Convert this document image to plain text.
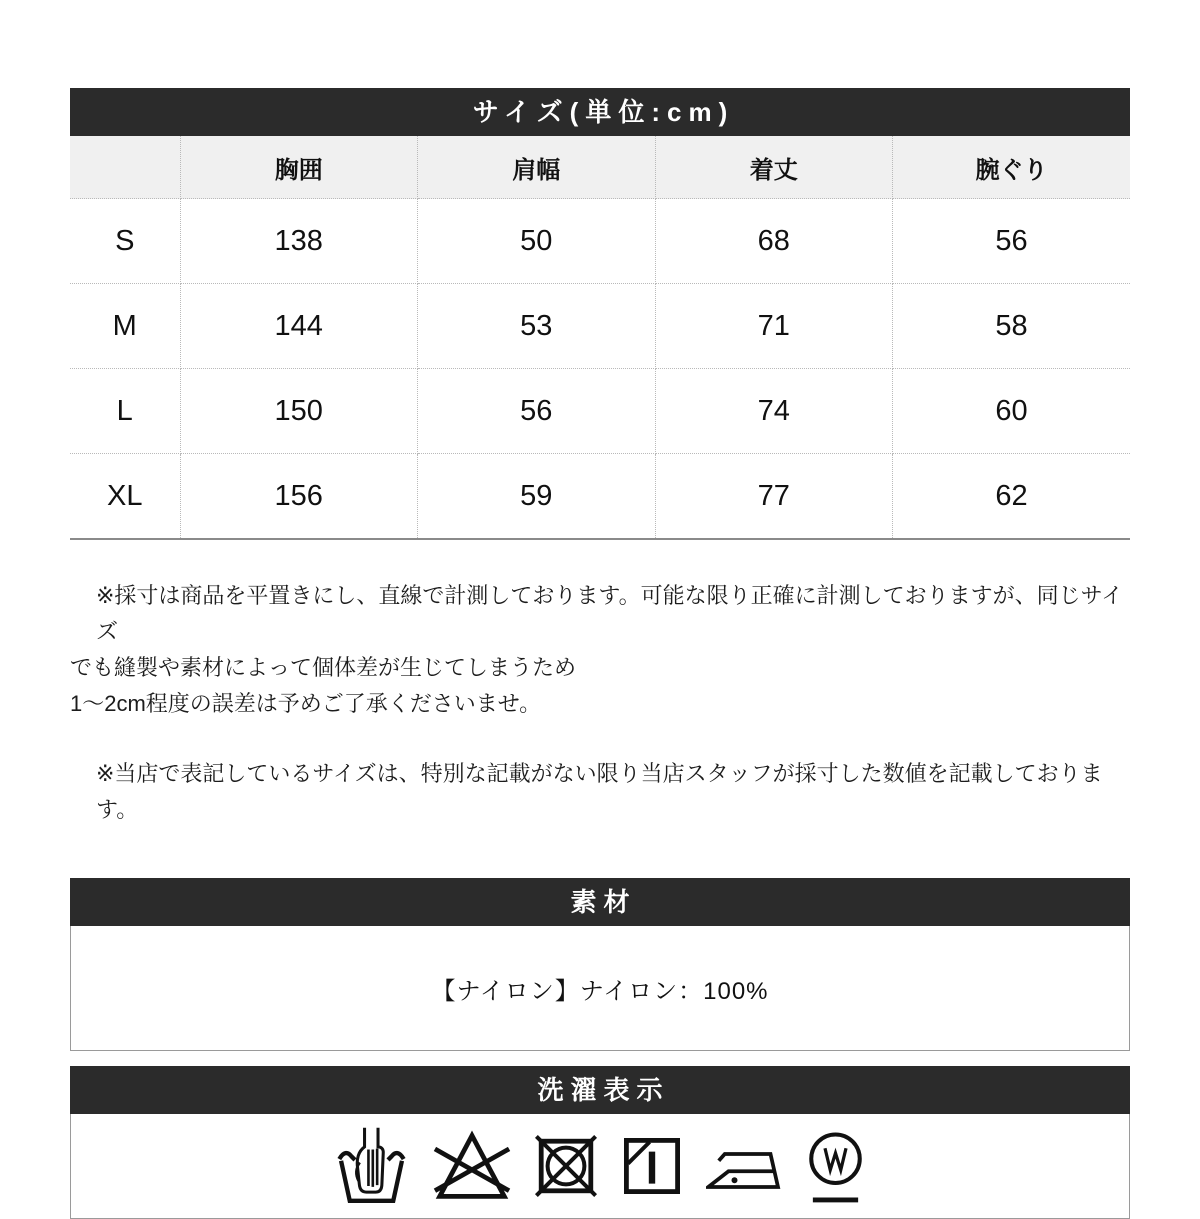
サイズ(単位:cm)
	胸囲	肩幅	着丈	腕ぐり
S	138	50	68	56
M	144	53	71	58
L	150	56	74	60
XL	156	59	77	62
※採寸は商品を平置きにし、直線で計測しております。可能な限り正確に計測しておりますが、同じサイズ
でも縫製や素材によって個体差が生じてしまうため
1〜2cm程度の誤差は予めご了承くださいませ。
※当店で表記しているサイズは、特別な記載がない限り当店スタッフが採寸した数値を記載しております。
素材
【ナイロン】ナイロン：100%
洗濯表示
